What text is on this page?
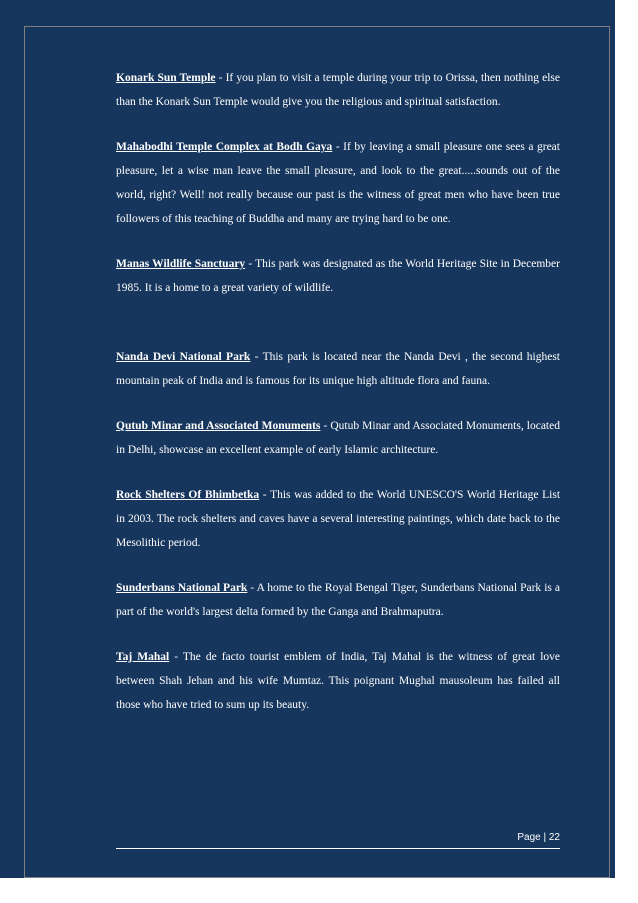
Konark Sun Temple - If you plan to visit a temple during your trip to Orissa, then nothing else than the Konark Sun Temple would give you the religious and spiritual satisfaction.

Mahabodhi Temple Complex at Bodh Gaya - If by leaving a small pleasure one sees a great pleasure, let a wise man leave the small pleasure, and look to the great.....sounds out of the world, right? Well! not really because our past is the witness of great men who have been true followers of this teaching of Buddha and many are trying hard to be one.

Manas Wildlife Sanctuary - This park was designated as the World Heritage Site in December 1985. It is a home to a great variety of wildlife.

Nanda Devi National Park - This park is located near the Nanda Devi , the second highest mountain peak of India and is famous for its unique high altitude flora and fauna.

Qutub Minar and Associated Monuments - Qutub Minar and Associated Monuments, located in Delhi, showcase an excellent example of early Islamic architecture.

Rock Shelters Of Bhimbetka - This was added to the World UNESCO'S World Heritage List in 2003. The rock shelters and caves have a several interesting paintings, which date back to the Mesolithic period.

Sunderbans National Park - A home to the Royal Bengal Tiger, Sunderbans National Park is a part of the world's largest delta formed by the Ganga and Brahmaputra.

Taj Mahal - The de facto tourist emblem of India, Taj Mahal is the witness of great love between Shah Jehan and his wife Mumtaz. This poignant Mughal mausoleum has failed all those who have tried to sum up its beauty.

Page | 22
